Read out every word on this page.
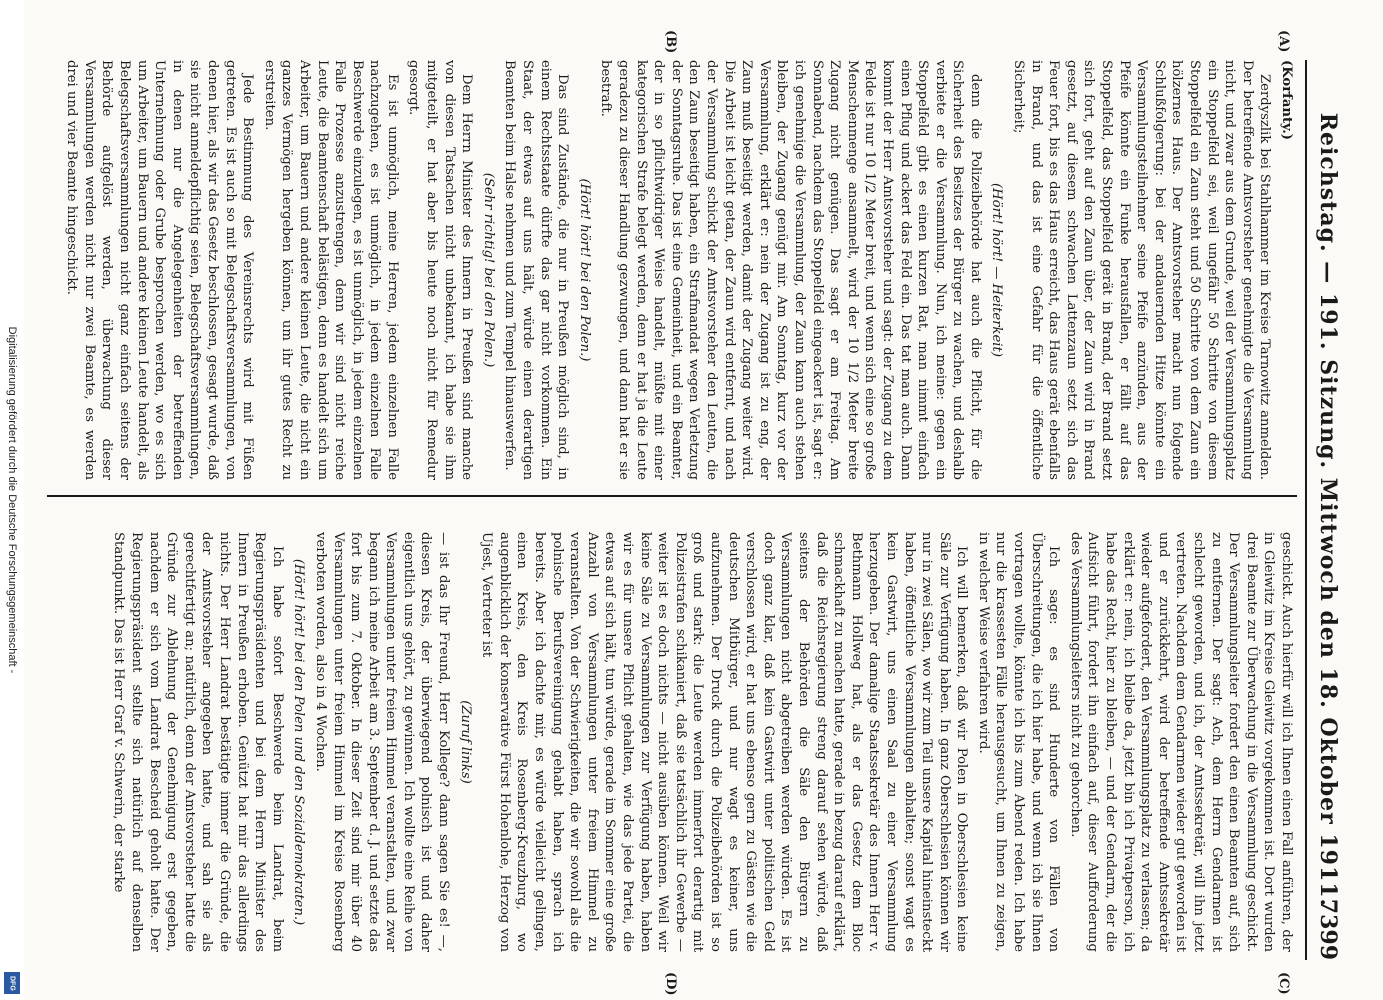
Digitalisierung gefördert durch die Deutsche Forschungsgemeinschaft -
DFG
Reichstag. — 191. Sitzung. Mittwoch den 18. Oktober 1911.
7399
(A)
(B)
(C)
(D)

(Korfanty.)

Zerdyszlik bei Stahlhammer im Kreise Tarnowitz anmelden. Der betreffende Amtsvorsteher genehmigte die Versammlung nicht, und zwar aus dem Grunde, weil der Versammlungsplatz ein Stoppelfeld sei, weil ungefähr 50 Schritte von diesem Stoppelfeld ein Zaun steht und 50 Schritte von dem Zaun ein hölzernes Haus. Der Amtsvorsteher macht nun folgende Schlußfolgerung: bei der andauernden Hitze könnte ein Versammlungsteilnehmer seine Pfeife anzünden, aus der Pfeife könnte ein Funke herausfallen, er fällt auf das Stoppelfeld, das Stoppelfeld gerät in Brand, der Brand setzt sich fort, geht auf den Zaun über, der Zaun wird in Brand gesetzt, auf diesem schwachen Lattenzaun setzt sich das Feuer fort, bis es das Haus erreicht, das Haus gerät ebenfalls in Brand, und das ist eine Gefahr für die öffentliche Sicherheit;

(Hört! hört! — Heiterkeit)

denn die Polizeibehörde hat auch die Pflicht, für die Sicherheit des Besitzes der Bürger zu wachen, und deshalb verbiete er die Versammlung. Nun, ich meine: gegen ein Stoppelfeld gibt es einen kurzen Rat, man nimmt einfach einen Pflug und ackert das Feld ein. Das tat man auch. Dann kommt der Herr Amtsvorsteher und sagt: der Zugang zu dem Felde ist nur 10 1/2 Meter breit, und wenn sich eine so große Menschenmenge ansammelt, wird der 10 1/2 Meter breite Zugang nicht genügen. Das sagt er am Freitag. Am Sonnabend, nachdem das Stoppelfeld eingeackert ist, sagt er: ich genehmige die Versammlung, der Zaun kann auch stehen bleiben, der Zugang genügt mir. Am Sonntag, kurz vor der Versammlung, erklärt er: nein der Zugang ist zu eng, der Zaun muß beseitigt werden, damit der Zugang weiter wird. Die Arbeit ist leicht getan, der Zaun wird entfernt, und nach der Versammlung schickt der Amtsvorsteher den Leuten, die den Zaun beseitigt haben, ein Strafmandat wegen Verletzung der Sonntagsruhe. Das ist eine Gemeinheit, und ein Beamter, der in so pflichtwidriger Weise handelt, müßte mit einer kategorischen Strafe belegt werden, denn er hat ja die Leute geradezu zu dieser Handlung gezwungen, und dann hat er sie bestraft.

(Hört! hört! bei den Polen.)

Das sind Zustände, die nur in Preußen möglich sind, in einem Rechtsstaate dürfte das gar nicht vorkommen. Ein Staat, der etwas auf uns hält, würde einen derartigen Beamten beim Halse nehmen und zum Tempel hinauswerfen.

(Sehr richtig! bei den Polen.)

Dem Herrn Minister des Innern in Preußen sind manche von diesen Tatsachen nicht unbekannt, ich habe sie ihm mitgeteilt, er hat aber bis heute noch nicht für Remedur gesorgt.

Es ist unmöglich, meine Herren, jedem einzelnen Falle nachzugehen, es ist unmöglich, in jedem einzelnen Falle Beschwerde einzulegen, es ist unmöglich, in jedem einzelnen Falle Prozesse anzustrengen, denn wir sind nicht reiche Leute, die Beamtenschaft belästigen, denn es handelt sich um Arbeiter, um Bauern und andere kleinen Leute, die nicht ein ganzes Vermögen hergeben können, um ihr gutes Recht zu erstreiten.

Jede Bestimmung des Vereinsrechts wird mit Füßen getreten. Es ist auch so mit Belegschaftsversammlungen, von denen hier, als wir das Gesetz beschlossen, gesagt wurde, daß sie nicht anmeldepflichtig seien, Belegschaftsversammlungen, in denen nur die Angelegenheiten der betreffenden Unternehmung oder Grube besprochen werden, wo es sich um Arbeiter, um Bauern und andere kleinen Leute handelt, als Belegschaftsversammlungen nicht ganz einfach seitens der Behörde aufgelöst werden, überwachung dieser Versammlungen werden nicht nur zwei Beamte, es werden drei und vier Beamte hingeschickt.

geschickt. Auch hierfür will ich Ihnen einen Fall anführen, der in Gleiwitz im Kreise Gleiwitz vorgekommen ist. Dort wurden drei Beamte zur Überwachung in die Versammlung geschickt. Der Versammlungsleiter fordert den einen Beamten auf, sich zu entfernen. Der sagt: Ach, dem Herrn Gendarmen ist schlecht geworden, und ich, der Amtssekretär, will ihn jetzt vertreten. Nachdem dem Gendarmen wieder gut geworden ist und er zurückkehrt, wird der betreffende Amtssekretär wieder aufgefordert, den Versammlungsplatz zu verlassen; da erklärt er: nein, ich bleibe da, jetzt bin ich Privatperson, ich habe das Recht, hier zu bleiben, — und der Gendarm, der die Aufsicht führt, fordert ihn einfach auf, dieser Aufforderung des Versammlungsleiters nicht zu gehorchen.

Ich sage: es sind Hunderte von Fällen von Überschreitungen, die ich hier habe, und wenn ich sie Ihnen vortragen wollte, könnte ich bis zum Abend reden. Ich habe nur die krassesten Fälle herausgesucht, um Ihnen zu zeigen, in welcher Weise verfahren wird.

Ich will bemerken, daß wir Polen in Oberschlesien keine Säle zur Verfügung haben. In ganz Oberschlesien können wir nur in zwei Sälen, wo wir zum Teil unsere Kapital hineinsteckt haben, öffentliche Versammlungen abhalten; sonst wagt es kein Gastwirt, uns einen Saal zu einer Versammlung herzugeben. Der damalige Staatssekretär des Innern Herr v. Bethmann Hollweg hat, als er das Gesetz dem Bloc schmackhaft zu machen hatte, gerade in bezug darauf erklärt, daß die Reichsregierung streng darauf sehen würde, daß seitens der Behörden die Säle den Bürgern zu Versammlungen nicht abgetreiben werden würden. Es ist doch ganz klar, daß kein Gastwirt unter politischen Geld verschlossen wird, er hat uns ebenso gern zu Gästen wie die deutschen Mitbürger, und nur wagt es keiner, uns aufzunehmen. Der Druck durch die Polizeibehörden ist so groß und stark: die Leute werden immerfort derartig mit Polizeistrafen schikaniert, daß sie tatsächlich ihr Gewerbe — weiter ist es doch nichts — nicht ausüben können. Weil wir keine Säle zu Versammlungen zur Verfügung haben, haben wir es für unsere Pflicht gehalten, wie das jede Partei, die etwas auf sich hält, tun würde, gerade im Sommer eine große Anzahl von Versammlungen unter freiem Himmel zu veranstalten. Von der Schwierigkeiten, die wir sowohl als die polnische Berufsvereinigung gehabt haben, sprach ich bereits. Aber ich dachte mir, es würde vielleicht gelingen, einen Kreis, den Kreis Rosenberg-Kreuzburg, wo augenblicklich der konservative Fürst Hohenlohe, Herzog von Ujest, Vertreter ist

(Zuruf links)

— ist das Ihr Freund, Herr Kollege? dann sagen Sie es! —, diesen Kreis, der überwiegend polnisch ist und daher eigentlich uns gehört, zu gewinnen. Ich wollte eine Reihe von Versammlungen unter freiem Himmel veranstalten, und zwar begann ich meine Arbeit am 3. September d. J. und setzte das fort bis zum 7. Oktober. In dieser Zeit sind mir über 40 Versammlungen unter freiem Himmel im Kreise Rosenberg verboten worden, also in 4 Wochen.

(Hört! hört! bei den Polen und den Sozialdemokraten.)

Ich habe sofort Beschwerde beim Landrat, beim Regierungspräsidenten und bei dem Herrn Minister des Innern in Preußen erhoben. Genützt hat mir das allerdings nichts. Der Herr Landrat bestätigte immer die Gründe, die der Amtsvorsteher angegeben hatte, und sah sie als gerechtfertigt an; natürlich, denn der Amtsvorsteher hatte die Gründe zur Ablehnung der Genehmigung erst gegeben, nachdem er sich vom Landrat Bescheid geholt hatte. Der Regierungspräsident stellte sich natürlich auf denselben Standpunkt. Das ist Herr Graf v. Schwerin, der starke
